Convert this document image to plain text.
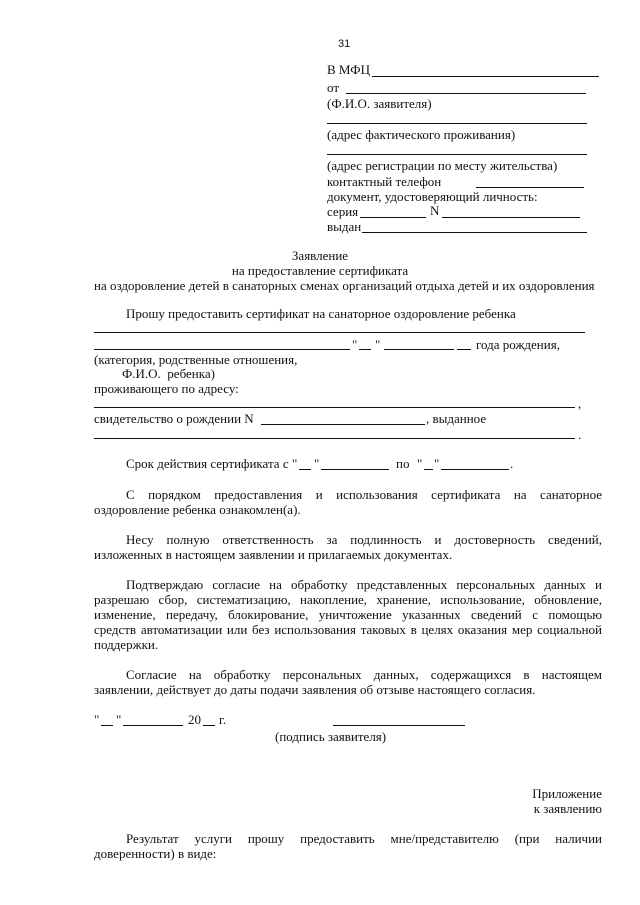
31
В МФЦ
от
(Ф.И.О. заявителя)
(адрес фактического проживания)
(адрес регистрации по месту жительства)
контактный телефон
документ, удостоверяющий личность:
серия	N
выдан
Заявление
на предоставление сертификата
на оздоровление детей в санаторных сменах организаций отдыха детей и их оздоровления
Прошу предоставить сертификат на санаторное оздоровление ребенка
" "	года рождения,
(категория, родственные отношения,
Ф.И.О.  ребенка)
проживающего по адресу:
,
свидетельство о рождении N	, выданное
.
Срок действия сертификата с " "	по " "	.
С порядком предоставления и использования сертификата на санаторное
оздоровление ребенка ознакомлен(а).
Несу полную ответственность за подлинность и достоверность сведений,
изложенных в настоящем заявлении и прилагаемых документах.
Подтверждаю согласие на обработку представленных персональных данных и
разрешаю сбор, систематизацию, накопление, хранение, использование, обновление,
изменение, передачу, блокирование, уничтожение указанных сведений с помощью
средств автоматизации или без использования таковых в целях оказания мер социальной
поддержки.
Согласие на обработку персональных данных, содержащихся в настоящем
заявлении, действует до даты подачи заявления об отзыве настоящего согласия.
" "	20 г.
(подпись заявителя)
Приложение
к заявлению
Результат услуги прошу предоставить мне/представителю (при наличии
доверенности) в виде:
